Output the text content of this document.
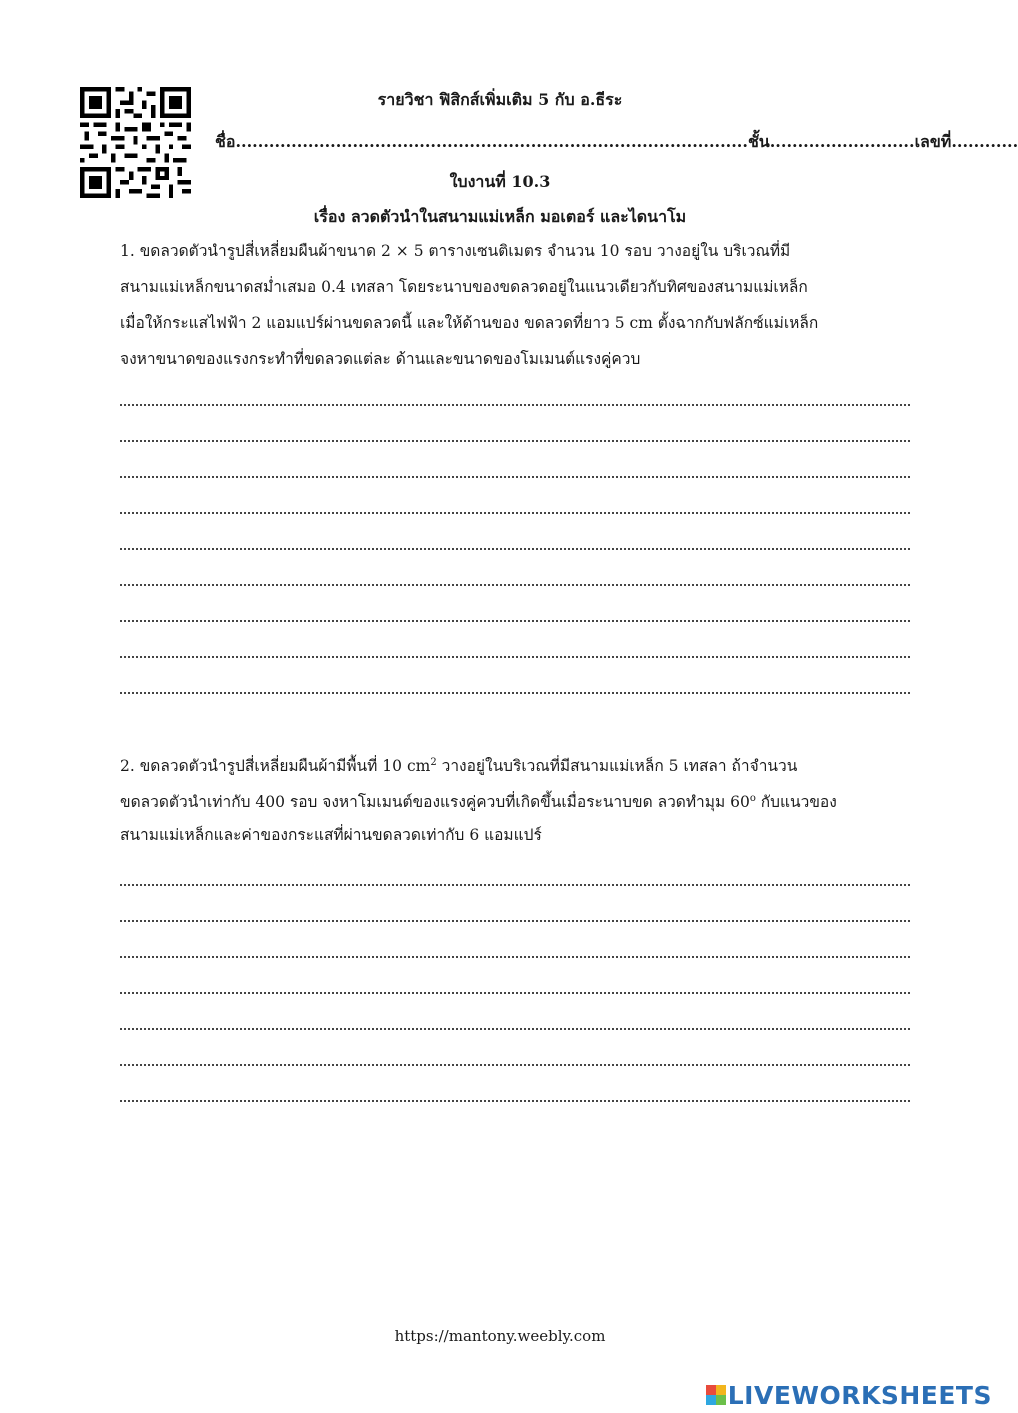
รายวิชา ฟิสิกส์เพิ่มเติม 5 กับ อ.ธีระ
ชื่อ............................................................................................ชั้น..........................เลขที่............
ใบงานที่ 10.3
เรื่อง ลวดตัวนำในสนามแม่เหล็ก มอเตอร์ และไดนาโม
1. ขดลวดตัวนำรูปสี่เหลี่ยมผืนผ้าขนาด 2 × 5 ตารางเซนติเมตร จำนวน 10 รอบ วางอยู่ใน บริเวณที่มี
สนามแม่เหล็กขนาดสม่ำเสมอ 0.4 เทสลา โดยระนาบของขดลวดอยู่ในแนวเดียวกับทิศของสนามแม่เหล็ก
เมื่อให้กระแสไฟฟ้า 2 แอมแปร์ผ่านขดลวดนี้ และให้ด้านของ ขดลวดที่ยาว 5 cm ตั้งฉากกับฟลักซ์แม่เหล็ก
จงหาขนาดของแรงกระทำที่ขดลวดแต่ละ ด้านและขนาดของโมเมนต์แรงคู่ควบ
2. ขดลวดตัวนำรูปสี่เหลี่ยมผืนผ้ามีพื้นที่ 10 $cm^2$ วางอยู่ในบริเวณที่มีสนามแม่เหล็ก 5 เทสลา ถ้าจำนวน
ขดลวดตัวนำเท่ากับ 400 รอบ จงหาโมเมนต์ของแรงคู่ควบที่เกิดขึ้นเมื่อระนาบขด ลวดทำมุม 60$^o$ กับแนวของ
สนามแม่เหล็กและค่าของกระแสที่ผ่านขดลวดเท่ากับ 6 แอมแปร์
https://mantony.weebly.com
LIVEWORKSHEETS
